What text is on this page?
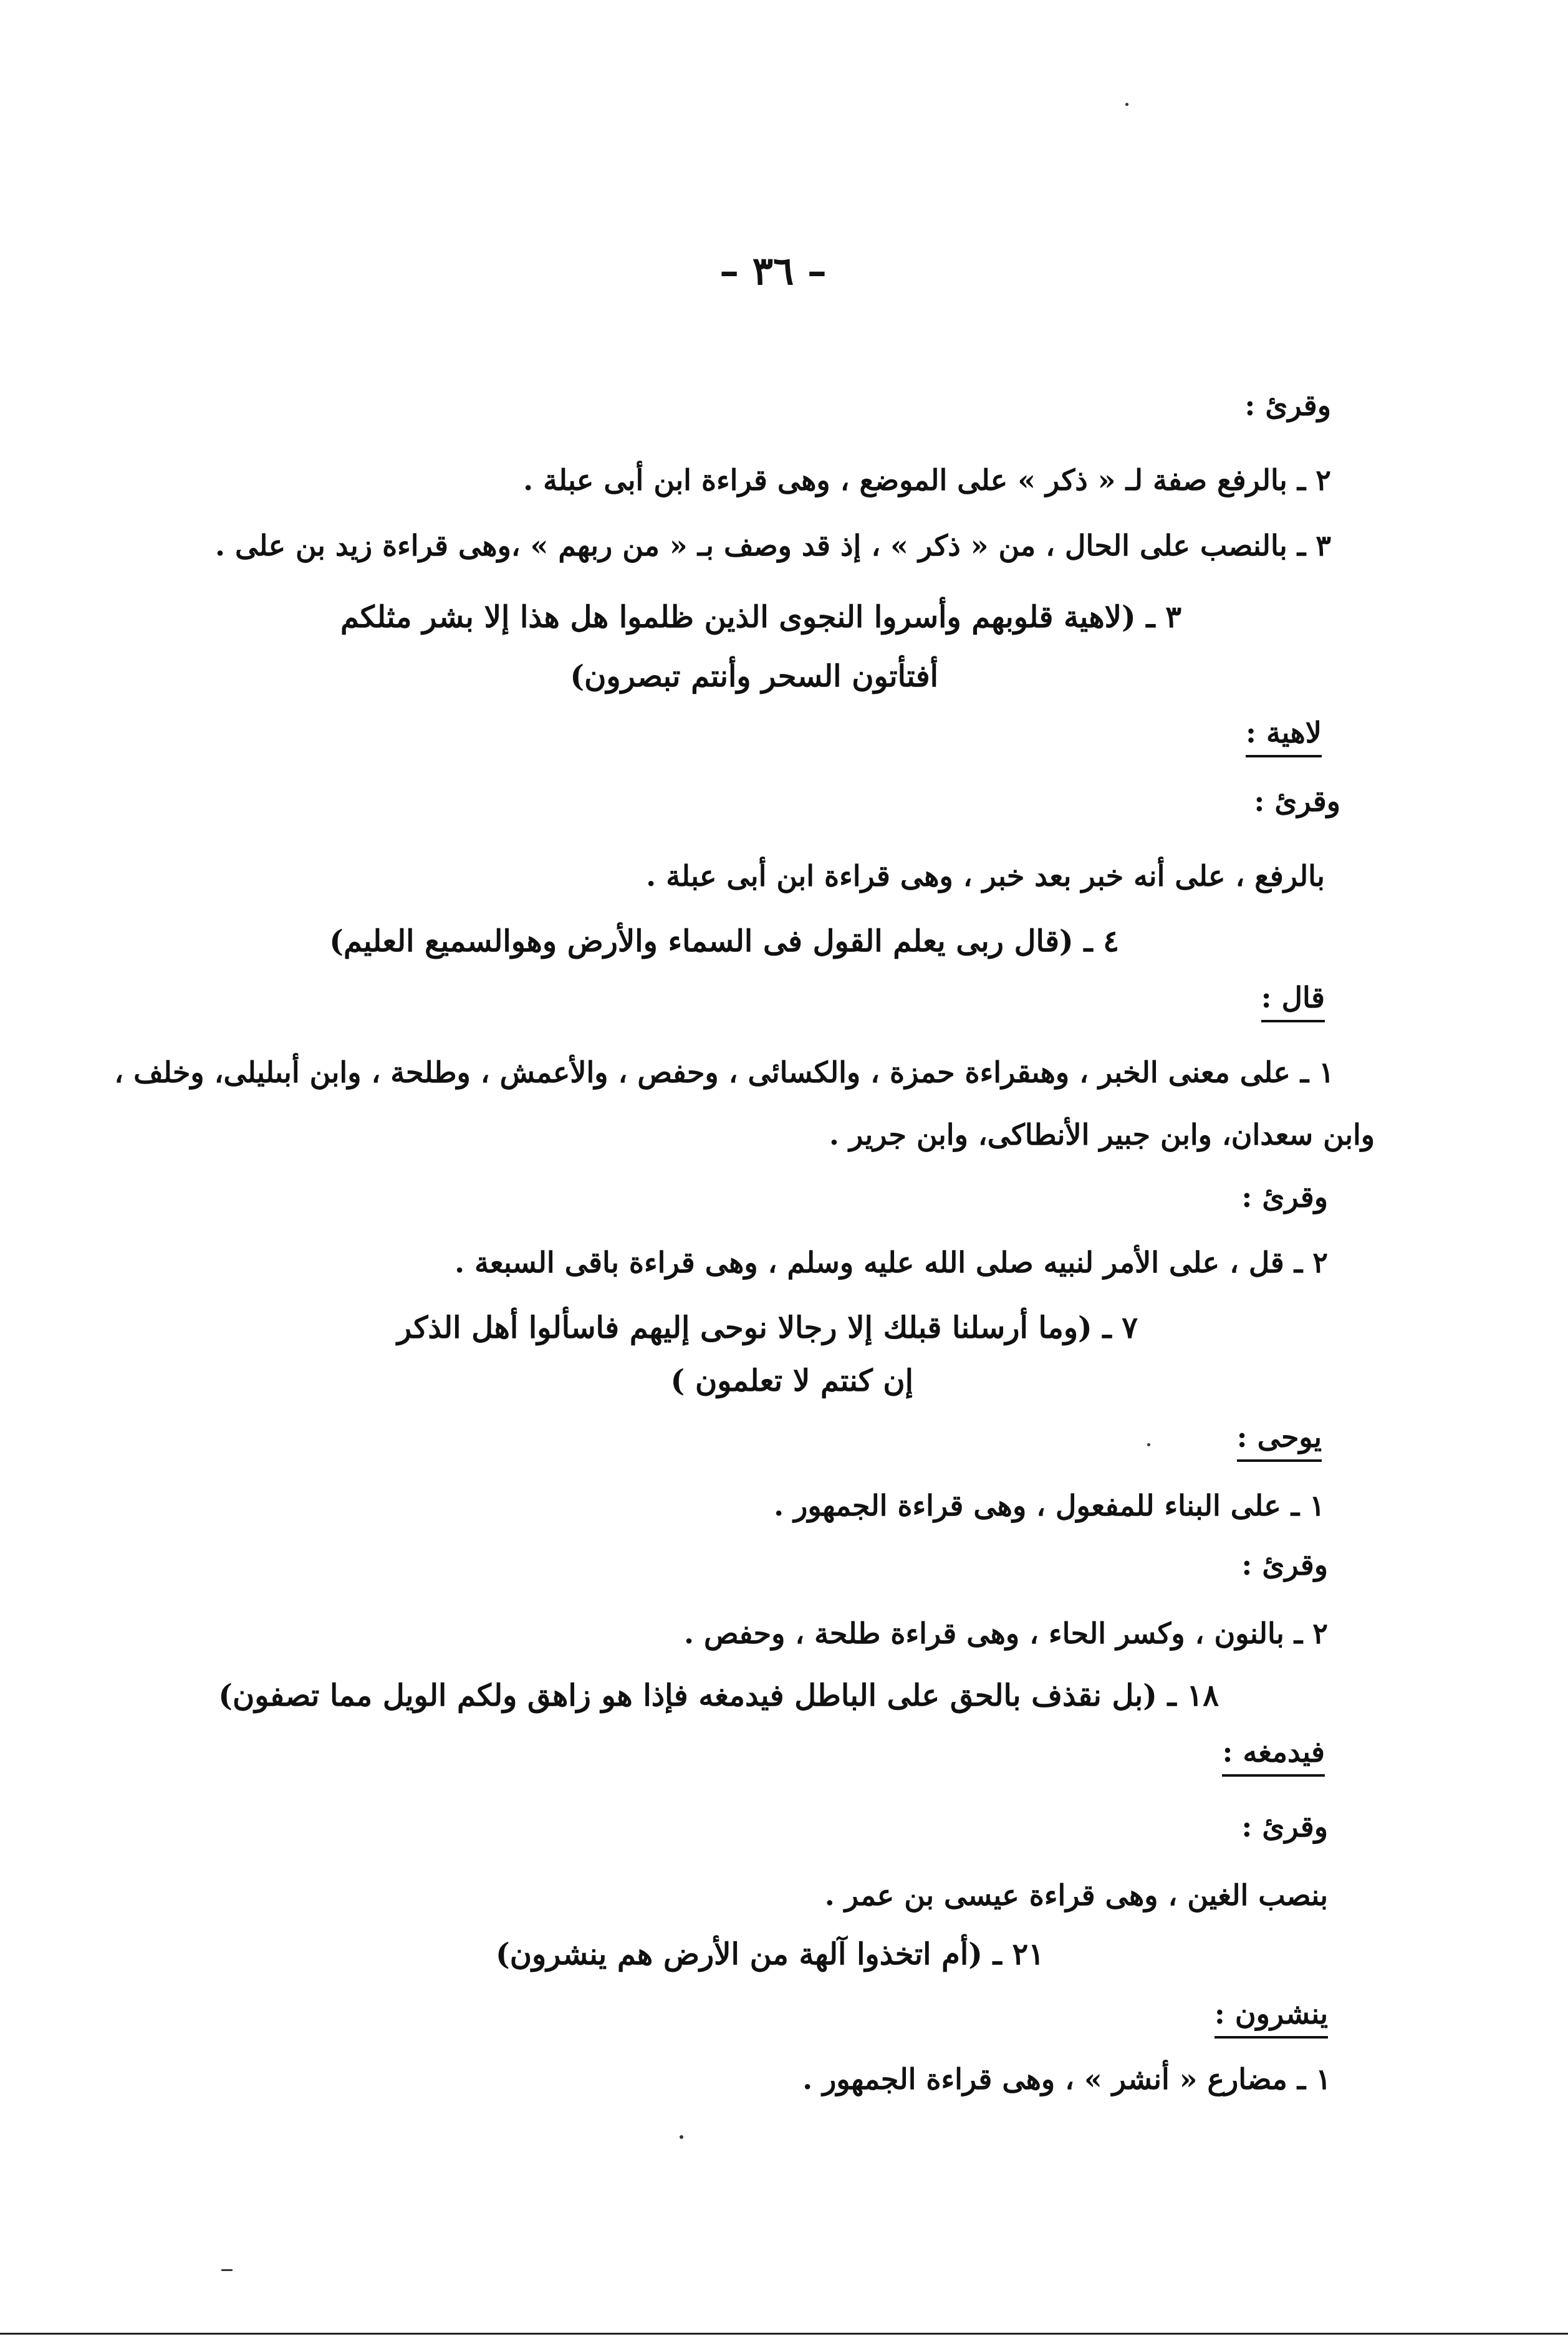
– ٣٦ –
وقرئ :
٢ ـ بالرفع صفة لـ « ذكر » على الموضع ، وهى قراءة ابن أبى عبلة .
٣ ـ بالنصب على الحال ، من « ذكر » ، إذ قد وصف بـ « من ربهم » ،وهى قراءة زيد بن على .
٣ ـ (لاهية قلوبهم وأسروا النجوى الذين ظلموا هل هذا إلا بشر مثلكم
أفتأتون السحر وأنتم تبصرون)
لاهية :
وقرئ :
بالرفع ، على أنه خبر بعد خبر ، وهى قراءة ابن أبى عبلة .
٤ ـ (قال ربى يعلم القول فى السماء والأرض وهوالسميع العليم)
قال :
١ ـ على معنى الخبر ، وهىقراءة حمزة ، والكسائى ، وحفص ، والأعمش ، وطلحة ، وابن أبىليلى، وخلف ،
وابن سعدان، وابن جبير الأنطاكى، وابن جرير .
وقرئ :
٢ ـ قل ، على الأمر لنبيه صلى الله عليه وسلم ، وهى قراءة باقى السبعة .
٧ ـ (وما أرسلنا قبلك إلا رجالا نوحى إليهم فاسألوا أهل الذكر
إن كنتم لا تعلمون )
يوحى :
١ ـ على البناء للمفعول ، وهى قراءة الجمهور .
وقرئ :
٢ ـ بالنون ، وكسر الحاء ، وهى قراءة طلحة ، وحفص .
١٨ ـ (بل نقذف بالحق على الباطل فيدمغه فإذا هو زاهق ولكم الويل مما تصفون)
فيدمغه :
وقرئ :
بنصب الغين ، وهى قراءة عيسى بن عمر .
٢١ ـ (أم اتخذوا آلهة من الأرض هم ينشرون)
ينشرون :
١ ـ مضارع « أنشر » ، وهى قراءة الجمهور .
